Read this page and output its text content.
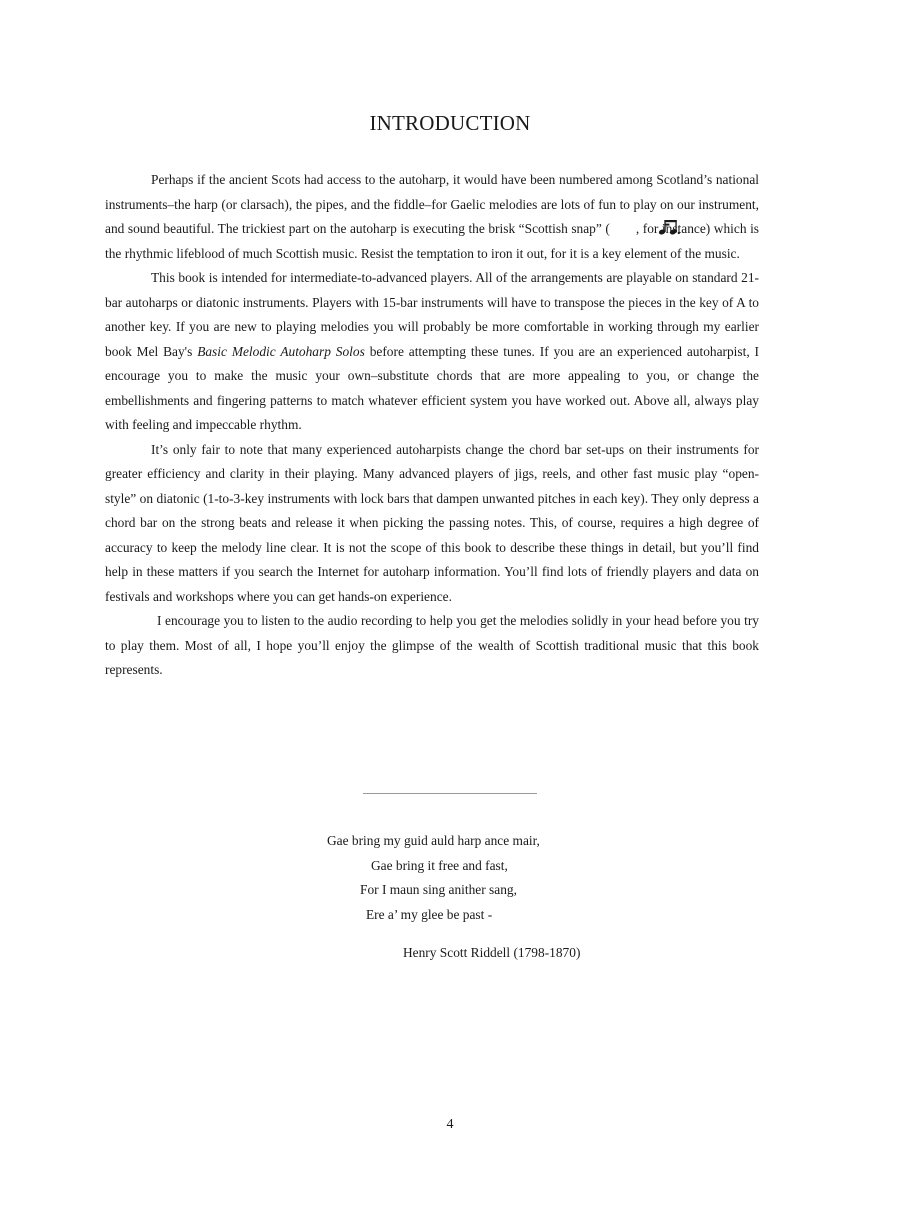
INTRODUCTION

Perhaps if the ancient Scots had access to the autoharp, it would have been numbered among Scotland’s national instruments–the harp (or clarsach), the pipes, and the fiddle–for Gaelic melodies are lots of fun to play on our instrument, and sound beautiful. The trickiest part on the autoharp is executing the brisk “Scottish snap” ( , for instance) which is the rhythmic lifeblood of much Scottish music. Resist the temptation to iron it out, for it is a key element of the music.

This book is intended for intermediate-to-advanced players. All of the arrangements are playable on standard 21-bar autoharps or diatonic instruments. Players with 15-bar instruments will have to transpose the pieces in the key of A to another key. If you are new to playing melodies you will probably be more comfortable in working through my earlier book Mel Bay's Basic Melodic Autoharp Solos before attempting these tunes. If you are an experienced autoharpist, I encourage you to make the music your own–substitute chords that are more appealing to you, or change the embellishments and fingering patterns to match whatever efficient system you have worked out. Above all, always play with feeling and impeccable rhythm.

It’s only fair to note that many experienced autoharpists change the chord bar set-ups on their instruments for greater efficiency and clarity in their playing. Many advanced players of jigs, reels, and other fast music play “open-style” on diatonic (1-to-3-key instruments with lock bars that dampen unwanted pitches in each key). They only depress a chord bar on the strong beats and release it when picking the passing notes. This, of course, requires a high degree of accuracy to keep the melody line clear. It is not the scope of this book to describe these things in detail, but you’ll find help in these matters if you search the Internet for autoharp information. You’ll find lots of friendly players and data on festivals and workshops where you can get hands-on experience.

I encourage you to listen to the audio recording to help you get the melodies solidly in your head before you try to play them. Most of all, I hope you’ll enjoy the glimpse of the wealth of Scottish traditional music that this book represents.

Gae bring my guid auld harp ance mair,
Gae bring it free and fast,
For I maun sing anither sang,
Ere a’ my glee be past -
Henry Scott Riddell (1798-1870)
4
